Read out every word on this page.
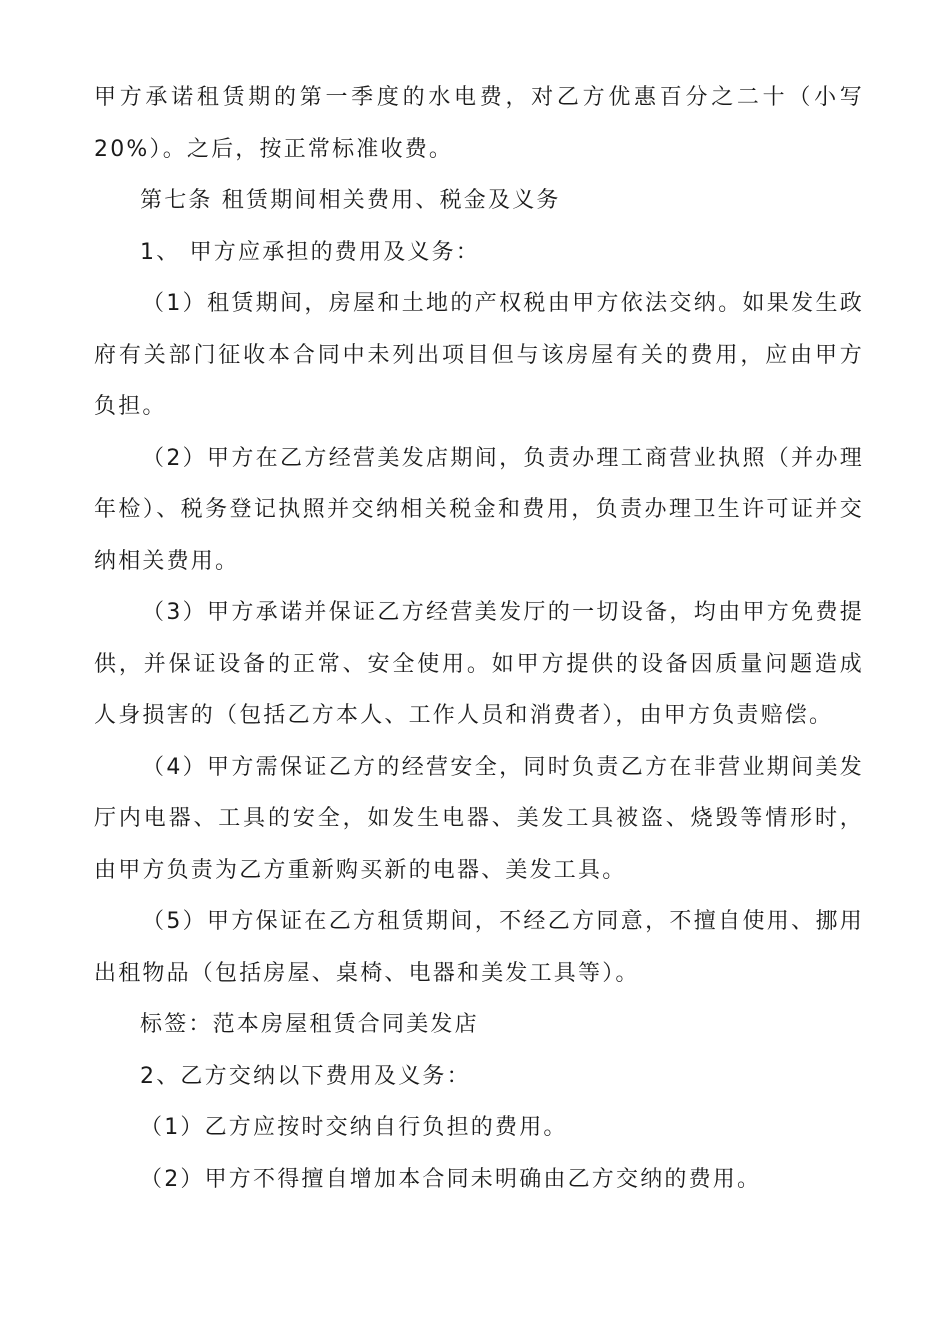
甲方承诺租赁期的第一季度的水电费，对乙方优惠百分之二十（小写20%）。之后，按正常标准收费。

第七条 租赁期间相关费用、税金及义务

1、 甲方应承担的费用及义务：

（1）租赁期间，房屋和土地的产权税由甲方依法交纳。如果发生政府有关部门征收本合同中未列出项目但与该房屋有关的费用，应由甲方负担。

（2）甲方在乙方经营美发店期间，负责办理工商营业执照（并办理年检）、税务登记执照并交纳相关税金和费用，负责办理卫生许可证并交纳相关费用。

（3）甲方承诺并保证乙方经营美发厅的一切设备，均由甲方免费提供，并保证设备的正常、安全使用。如甲方提供的设备因质量问题造成人身损害的（包括乙方本人、工作人员和消费者），由甲方负责赔偿。

（4）甲方需保证乙方的经营安全，同时负责乙方在非营业期间美发厅内电器、工具的安全，如发生电器、美发工具被盗、烧毁等情形时，由甲方负责为乙方重新购买新的电器、美发工具。

（5）甲方保证在乙方租赁期间，不经乙方同意，不擅自使用、挪用出租物品（包括房屋、桌椅、电器和美发工具等）。

标签：范本房屋租赁合同美发店

2、乙方交纳以下费用及义务：

（1）乙方应按时交纳自行负担的费用。

（2）甲方不得擅自增加本合同未明确由乙方交纳的费用。
